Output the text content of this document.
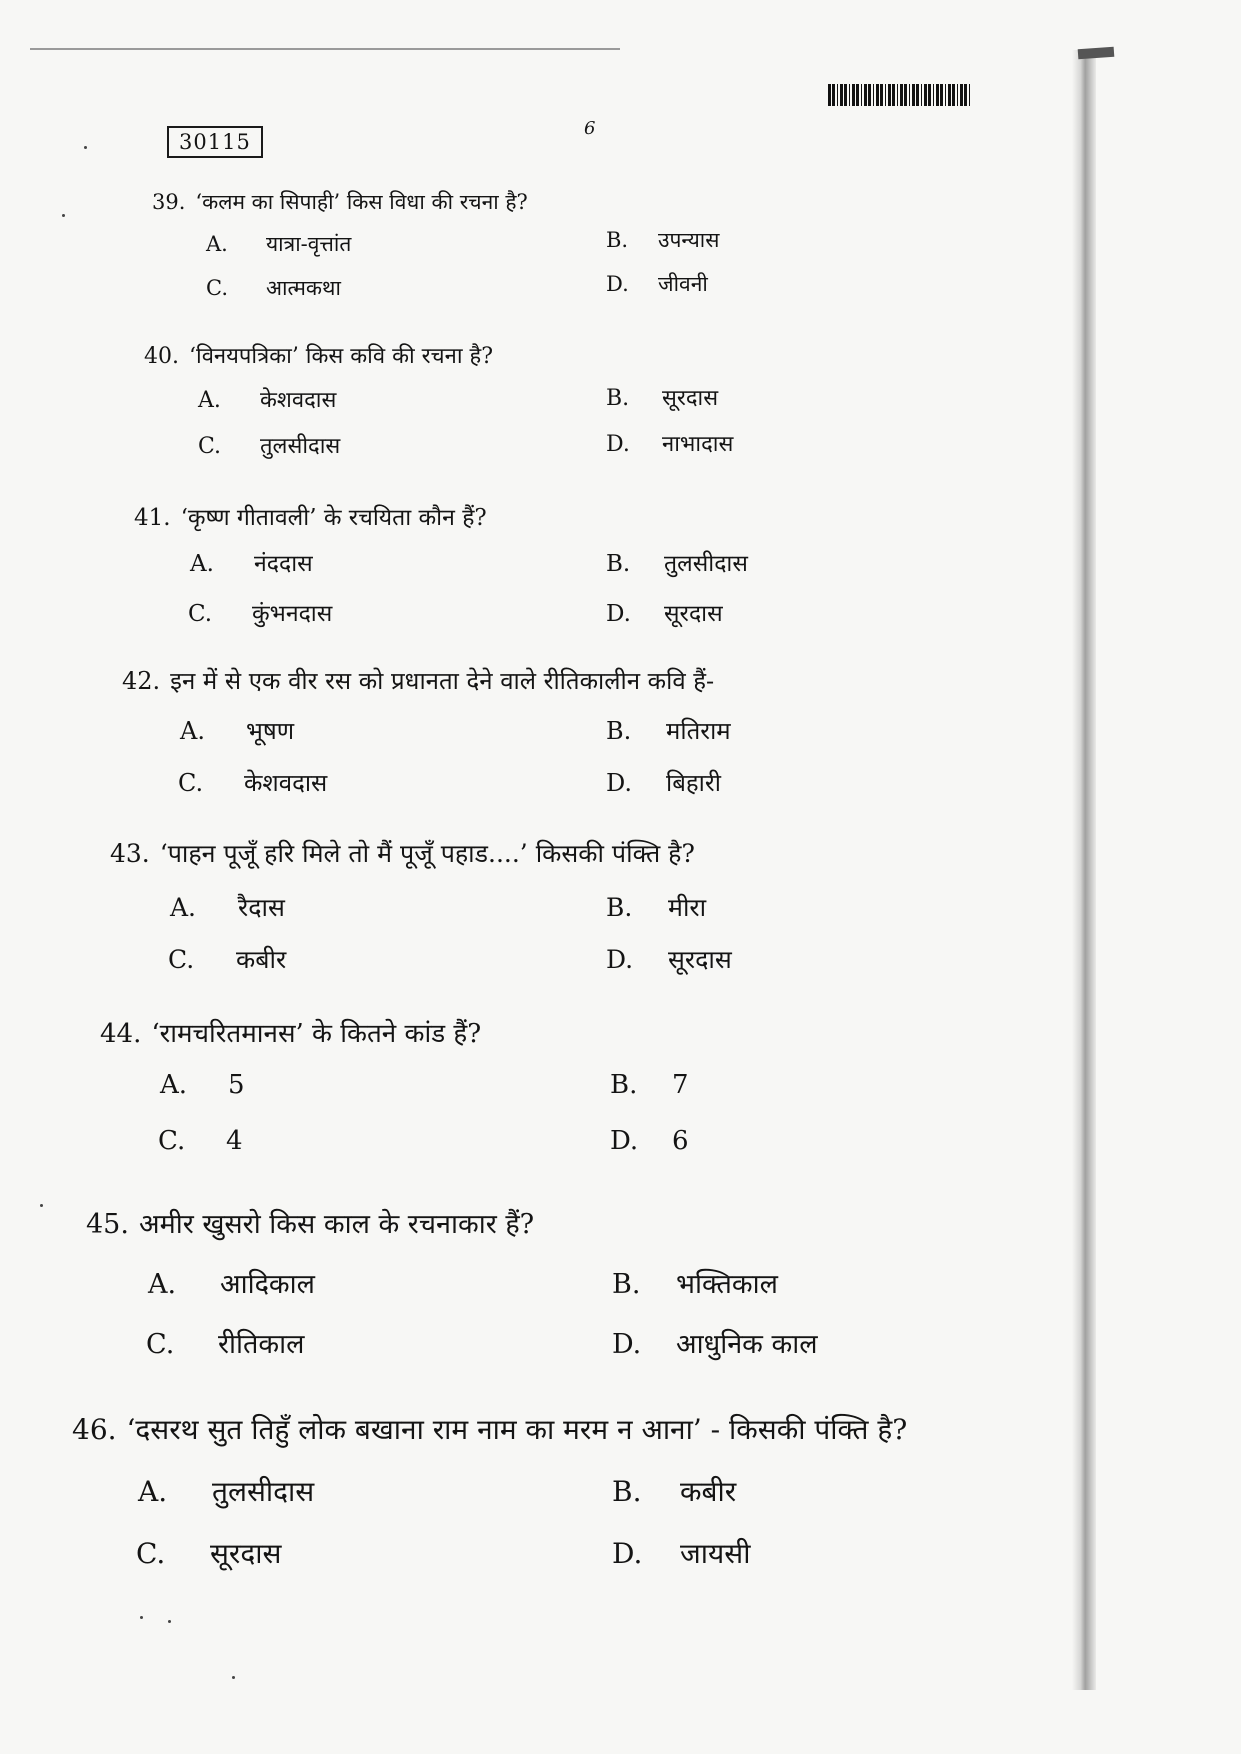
30115
6
39. ‘कलम का सिपाही’ किस विधा की रचना है?
A. यात्रा-वृत्तांत	B. उपन्यास
C. आत्मकथा	D. जीवनी
40. ‘विनयपत्रिका’ किस कवि की रचना है?
A. केशवदास	B. सूरदास
C. तुलसीदास	D. नाभादास
41. ‘कृष्ण गीतावली’ के रचयिता कौन हैं?
A. नंददास	B. तुलसीदास
C. कुंभनदास	D. सूरदास
42. इन में से एक वीर रस को प्रधानता देने वाले रीतिकालीन कवि हैं-
A. भूषण	B. मतिराम
C. केशवदास	D. बिहारी
43. ‘पाहन पूजूँ हरि मिले तो मैं पूजूँ पहाड....’ किसकी पंक्ति है?
A. रैदास	B. मीरा
C. कबीर	D. सूरदास
44. ‘रामचरितमानस’ के कितने कांड हैं?
A. 5	B. 7
C. 4	D. 6
45. अमीर खुसरो किस काल के रचनाकार हैं?
A. आदिकाल	B. भक्तिकाल
C. रीतिकाल	D. आधुनिक काल
46. ‘दसरथ सुत तिहुँ लोक बखाना राम नाम का मरम न आना’ - किसकी पंक्ति है?
A. तुलसीदास	B. कबीर
C. सूरदास	D. जायसी
